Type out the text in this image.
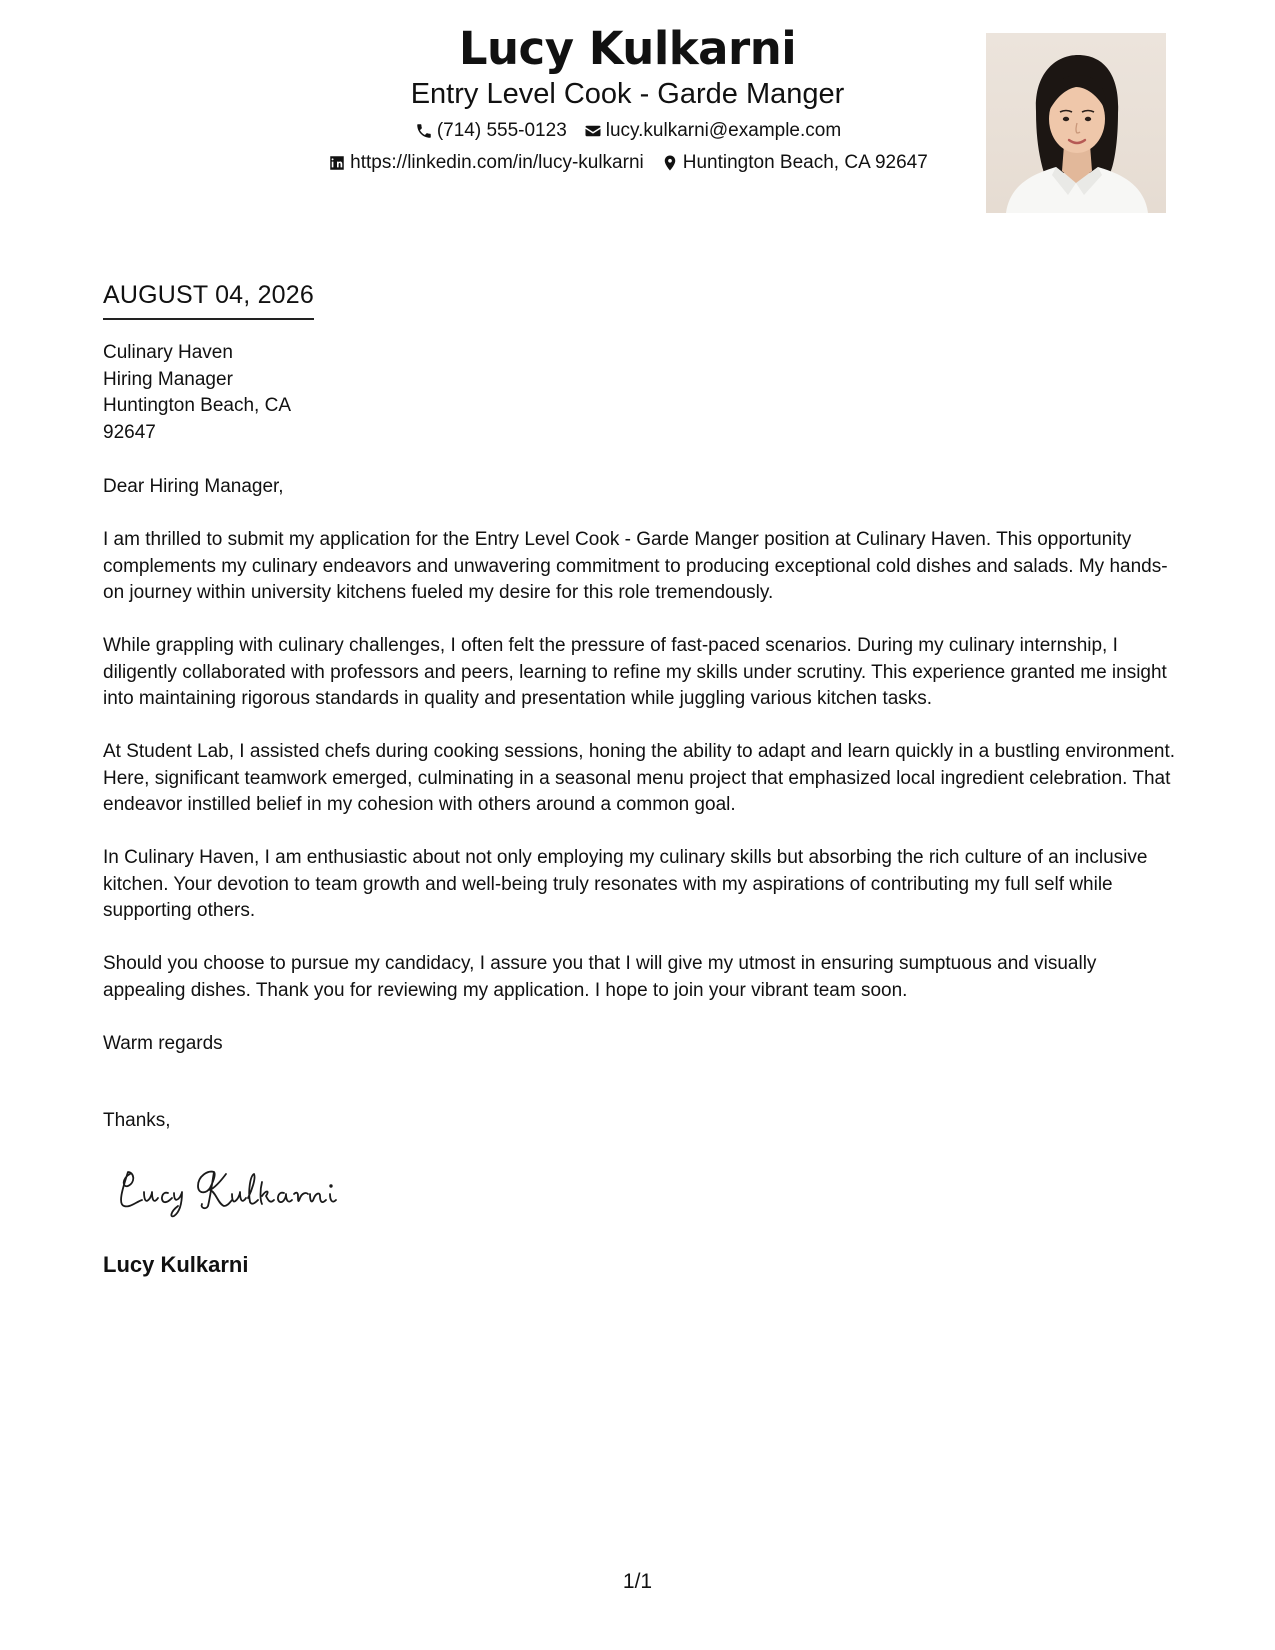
Lucy Kulkarni
Entry Level Cook - Garde Manger
(714) 555-0123 lucy.kulkarni@example.com
https://linkedin.com/in/lucy-kulkarni Huntington Beach, CA 92647
AUGUST 04, 2026
Culinary Haven
Hiring Manager
Huntington Beach, CA
92647

Dear Hiring Manager,

I am thrilled to submit my application for the Entry Level Cook - Garde Manger position at Culinary Haven. This opportunity complements my culinary endeavors and unwavering commitment to producing exceptional cold dishes and salads. My hands-on journey within university kitchens fueled my desire for this role tremendously.

While grappling with culinary challenges, I often felt the pressure of fast-paced scenarios. During my culinary internship, I diligently collaborated with professors and peers, learning to refine my skills under scrutiny. This experience granted me insight into maintaining rigorous standards in quality and presentation while juggling various kitchen tasks.

At Student Lab, I assisted chefs during cooking sessions, honing the ability to adapt and learn quickly in a bustling environment. Here, significant teamwork emerged, culminating in a seasonal menu project that emphasized local ingredient celebration. That endeavor instilled belief in my cohesion with others around a common goal.

In Culinary Haven, I am enthusiastic about not only employing my culinary skills but absorbing the rich culture of an inclusive kitchen. Your devotion to team growth and well-being truly resonates with my aspirations of contributing my full self while supporting others.

Should you choose to pursue my candidacy, I assure you that I will give my utmost in ensuring sumptuous and visually appealing dishes. Thank you for reviewing my application. I hope to join your vibrant team soon.

Warm regards

Thanks,
Lucy Kulkarni
1/1
